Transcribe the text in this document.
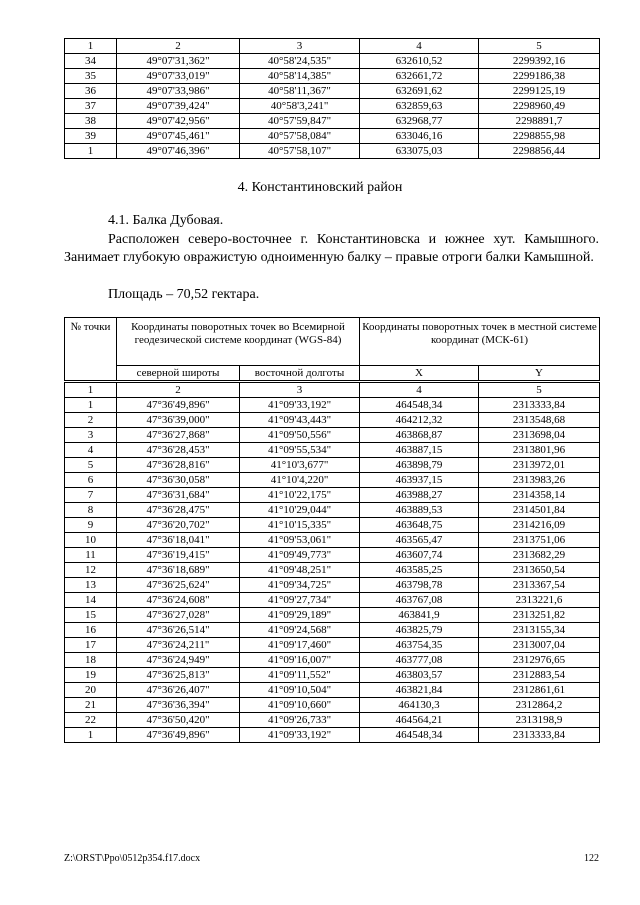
1	2	3	4	5
34	49°07'31,362"	40°58'24,535"	632610,52	2299392,16
35	49°07'33,019"	40°58'14,385"	632661,72	2299186,38
36	49°07'33,986"	40°58'11,367"	632691,62	2299125,19
37	49°07'39,424"	40°58'3,241"	632859,63	2298960,49
38	49°07'42,956"	40°57'59,847"	632968,77	2298891,7
39	49°07'45,461"	40°57'58,084"	633046,16	2298855,98
1	49°07'46,396"	40°57'58,107"	633075,03	2298856,44
4. Константиновский район
4.1. Балка Дубовая.
Расположен северо-восточнее г. Константиновска и южнее хут. Камышного. Занимает глубокую овражистую одноименную балку – правые отроги балки Камышной.
Площадь – 70,52 гектара.
№ точки	Координаты поворотных точек во Всемирной геодезической системе координат (WGS-84)		Координаты поворотных точек в местной системе координат (МСК-61)	
	северной широты	восточной долготы	X	Y
1	2	3	4	5
1	47°36'49,896"	41°09'33,192"	464548,34	2313333,84
2	47°36'39,000"	41°09'43,443"	464212,32	2313548,68
3	47°36'27,868"	41°09'50,556"	463868,87	2313698,04
4	47°36'28,453"	41°09'55,534"	463887,15	2313801,96
5	47°36'28,816"	41°10'3,677"	463898,79	2313972,01
6	47°36'30,058"	41°10'4,220"	463937,15	2313983,26
7	47°36'31,684"	41°10'22,175"	463988,27	2314358,14
8	47°36'28,475"	41°10'29,044"	463889,53	2314501,84
9	47°36'20,702"	41°10'15,335"	463648,75	2314216,09
10	47°36'18,041"	41°09'53,061"	463565,47	2313751,06
11	47°36'19,415"	41°09'49,773"	463607,74	2313682,29
12	47°36'18,689"	41°09'48,251"	463585,25	2313650,54
13	47°36'25,624"	41°09'34,725"	463798,78	2313367,54
14	47°36'24,608"	41°09'27,734"	463767,08	2313221,6
15	47°36'27,028"	41°09'29,189"	463841,9	2313251,82
16	47°36'26,514"	41°09'24,568"	463825,79	2313155,34
17	47°36'24,211"	41°09'17,460"	463754,35	2313007,04
18	47°36'24,949"	41°09'16,007"	463777,08	2312976,65
19	47°36'25,813"	41°09'11,552"	463803,57	2312883,54
20	47°36'26,407"	41°09'10,504"	463821,84	2312861,61
21	47°36'36,394"	41°09'10,660"	464130,3	2312864,2
22	47°36'50,420"	41°09'26,733"	464564,21	2313198,9
1	47°36'49,896"	41°09'33,192"	464548,34	2313333,84
Z:\ORST\Ppo\0512p354.f17.docx	122
